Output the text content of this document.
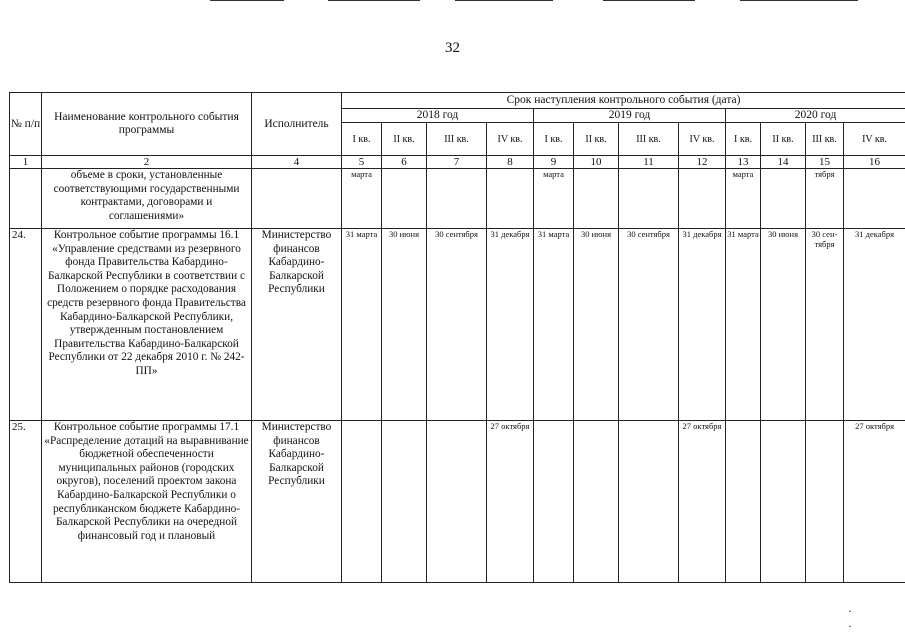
32
№ п/п	Наименование контрольного события программы	Исполнитель	Срок наступления контрольного события (дата)											
			2018 год				2019 год				2020 год			
			I кв.	II кв.	III кв.	IV кв.	I кв.	II кв.	III кв.	IV кв.	I кв.	II кв.	III кв.	IV кв.
1	2	4	5	6	7	8	9	10	11	12	13	14	15	16
	объеме в сроки, установленные соответствующими государственными контрактами, договорами и соглашениями»		марта				марта				марта		тября	
24.	Контрольное событие программы 16.1 «Управление средствами из резервного фонда Правительства Кабардино-Балкарской Республики в соответствии с Положением о порядке расходования средств резервного фонда Правительства Кабардино-Балкарской Республики, утвержденным постановлением Правительства Кабардино-Балкарской Республики от 22 декабря 2010 г. № 242-ПП»	Министерство финансов Кабардино-Балкарской Республики	31 марта	30 июня	30 сентября	31 декабря	31 марта	30 июня	30 сентября	31 декабря	31 марта	30 июня	30 сен-тября	31 декабря
25.	Контрольное событие программы 17.1 «Распределение дотаций на выравнивание бюджетной обеспеченности муниципальных районов (городских округов), поселений проектом закона Кабардино-Балкарской Республики о республиканском бюджете Кабардино-Балкарской Республики на очередной финансовый год и плановый	Министерство финансов Кабардино-Балкарской Республики				27 октября				27 октября				27 октября
· ·
